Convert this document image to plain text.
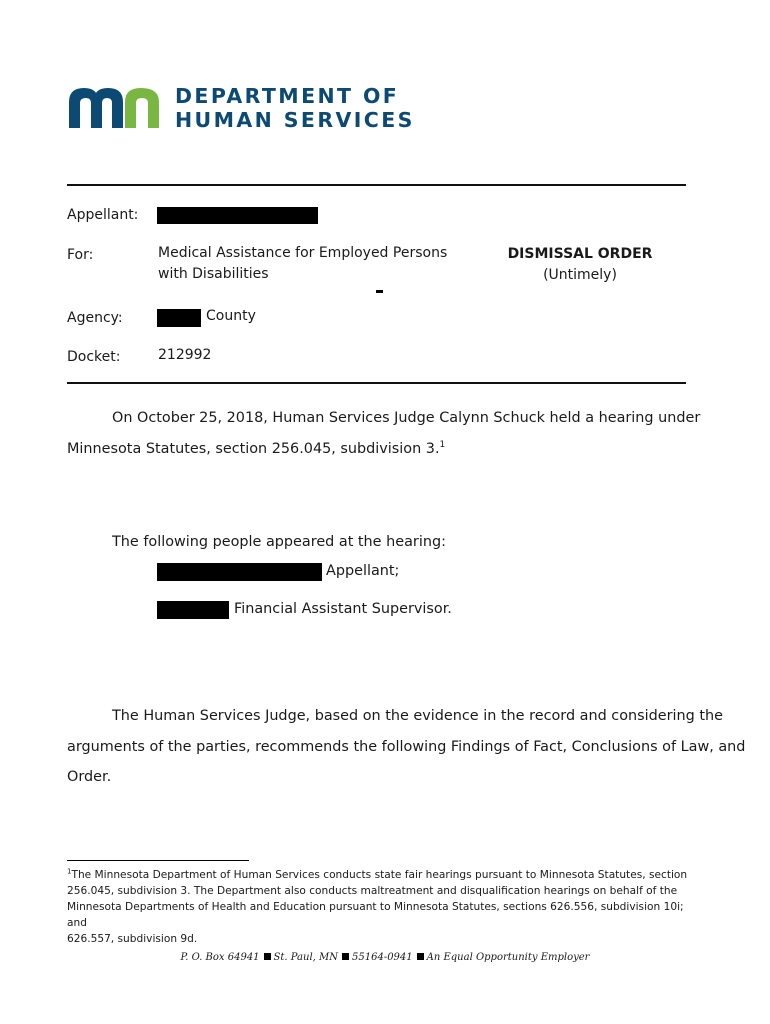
DEPARTMENT OF
HUMAN SERVICES
Appellant:
For:	Medical Assistance for Employed Persons
with Disabilities
DISMISSAL ORDER
(Untimely)
Agency:	County
Docket:	212992
On October 25, 2018, Human Services Judge Calynn Schuck held a hearing under
Minnesota Statutes, section 256.045, subdivision 3.$^1$
The following people appeared at the hearing:
Appellant;
Financial Assistant Supervisor.
The Human Services Judge, based on the evidence in the record and considering the
arguments of the parties, recommends the following Findings of Fact, Conclusions of Law, and
Order.
$^1$The Minnesota Department of Human Services conducts state fair hearings pursuant to Minnesota Statutes, section
256.045, subdivision 3. The Department also conducts maltreatment and disqualification hearings on behalf of the
Minnesota Departments of Health and Education pursuant to Minnesota Statutes, sections 626.556, subdivision 10i; and
626.557, subdivision 9d.
P. O. Box 64941 St. Paul, MN 55164-0941 An Equal Opportunity Employer
